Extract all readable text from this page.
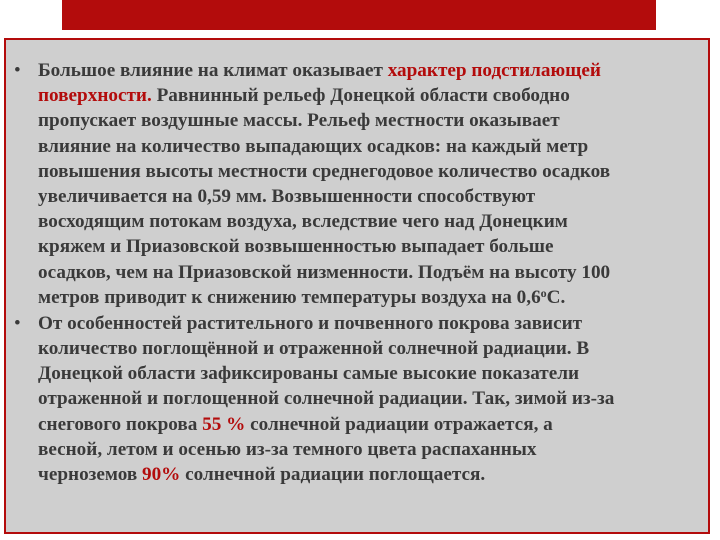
• Большое влияние на климат оказывает характер подстилающей
поверхности. Равнинный рельеф Донецкой области свободно
пропускает воздушные массы. Рельеф местности оказывает
влияние на количество выпадающих осадков: на каждый метр
повышения высоты местности среднегодовое количество осадков
увеличивается на 0,59 мм. Возвышенности способствуют
восходящим потокам воздуха, вследствие чего над Донецким
кряжем и Приазовской возвышенностью выпадает больше
осадков, чем на Приазовской низменности. Подъём на высоту 100
метров приводит к снижению температуры воздуха на $0,6^оС$.
• От особенностей растительного и почвенного покрова зависит
количество поглощённой и отраженной солнечной радиации. В
Донецкой области зафиксированы самые высокие показатели
отраженной и поглощенной солнечной радиации. Так, зимой из-за
снегового покрова 55 % солнечной радиации отражается, а
весной, летом и осенью из-за темного цвета распаханных
черноземов 90% солнечной радиации поглощается.
